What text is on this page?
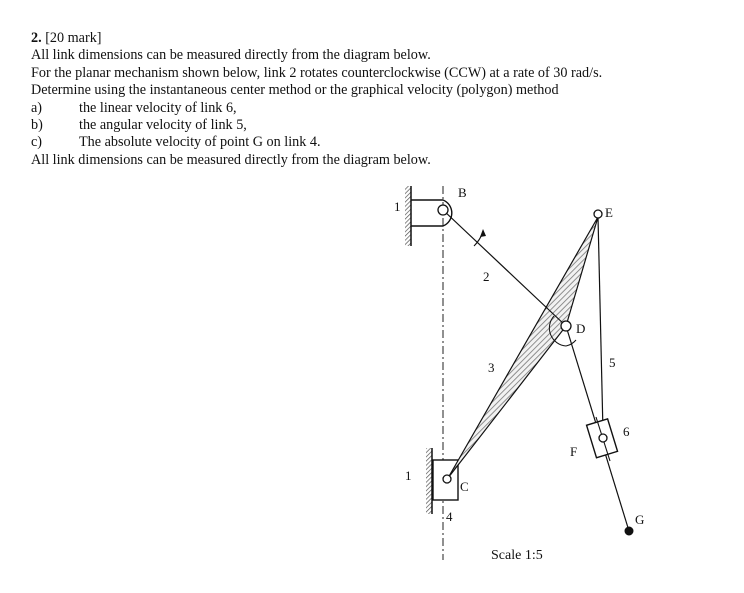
2. [20 mark]
All link dimensions can be measured directly from the diagram below.
For the planar mechanism shown below, link 2 rotates counterclockwise (CCW) at a rate of 30 rad/s.
Determine using the instantaneous center method or the graphical velocity (polygon) method
a)	the linear velocity of link 6,
b)	the angular velocity of link 5,
c)	The absolute velocity of point G on link 4.
All link dimensions can be measured directly from the diagram below.
1
B
E
D
2
3	5
6
F
1
C
4	G
Scale 1:5
